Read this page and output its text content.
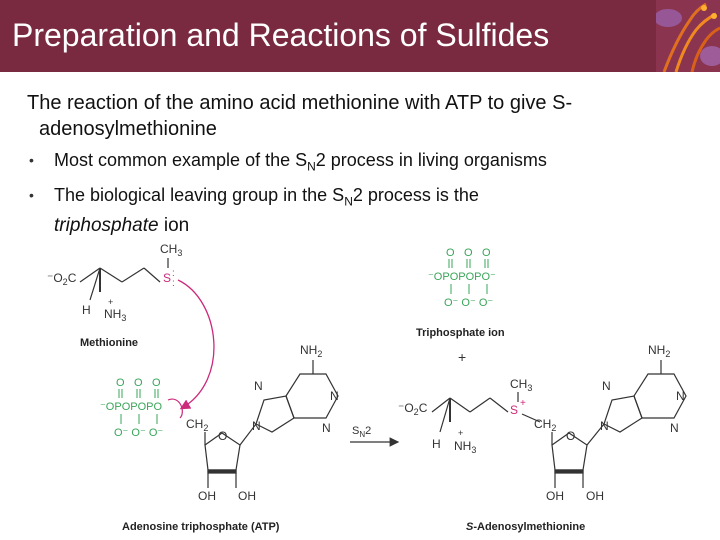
Preparation and Reactions of Sulfides
The reaction of the amino acid methionine with ATP to give S-
adenosylmethionine
• Most common example of the $S_N2$ process in living organisms
• The biological leaving group in the $S_N2$ process is the
triphosphate ion
$CH_3$
S :
:
$^-O_2C$
H
+
$NH_3$
Methionine
O O O
⁻OPOPOPO
O⁻ O⁻ O⁻
$CH_2$
O
OH OH
N
N
N
N
$NH_2$
Adenosine triphosphate (ATP)
$S_N2$
O O O
⁻OPOPOPO⁻
O⁻ O⁻ O⁻
Triphosphate ion
+
$CH_3$
S +
$^-O_2C$
H
+
$NH_3$
$CH_2$
O
OH OH
N
N
N
N
$NH_2$
S-Adenosylmethionine
